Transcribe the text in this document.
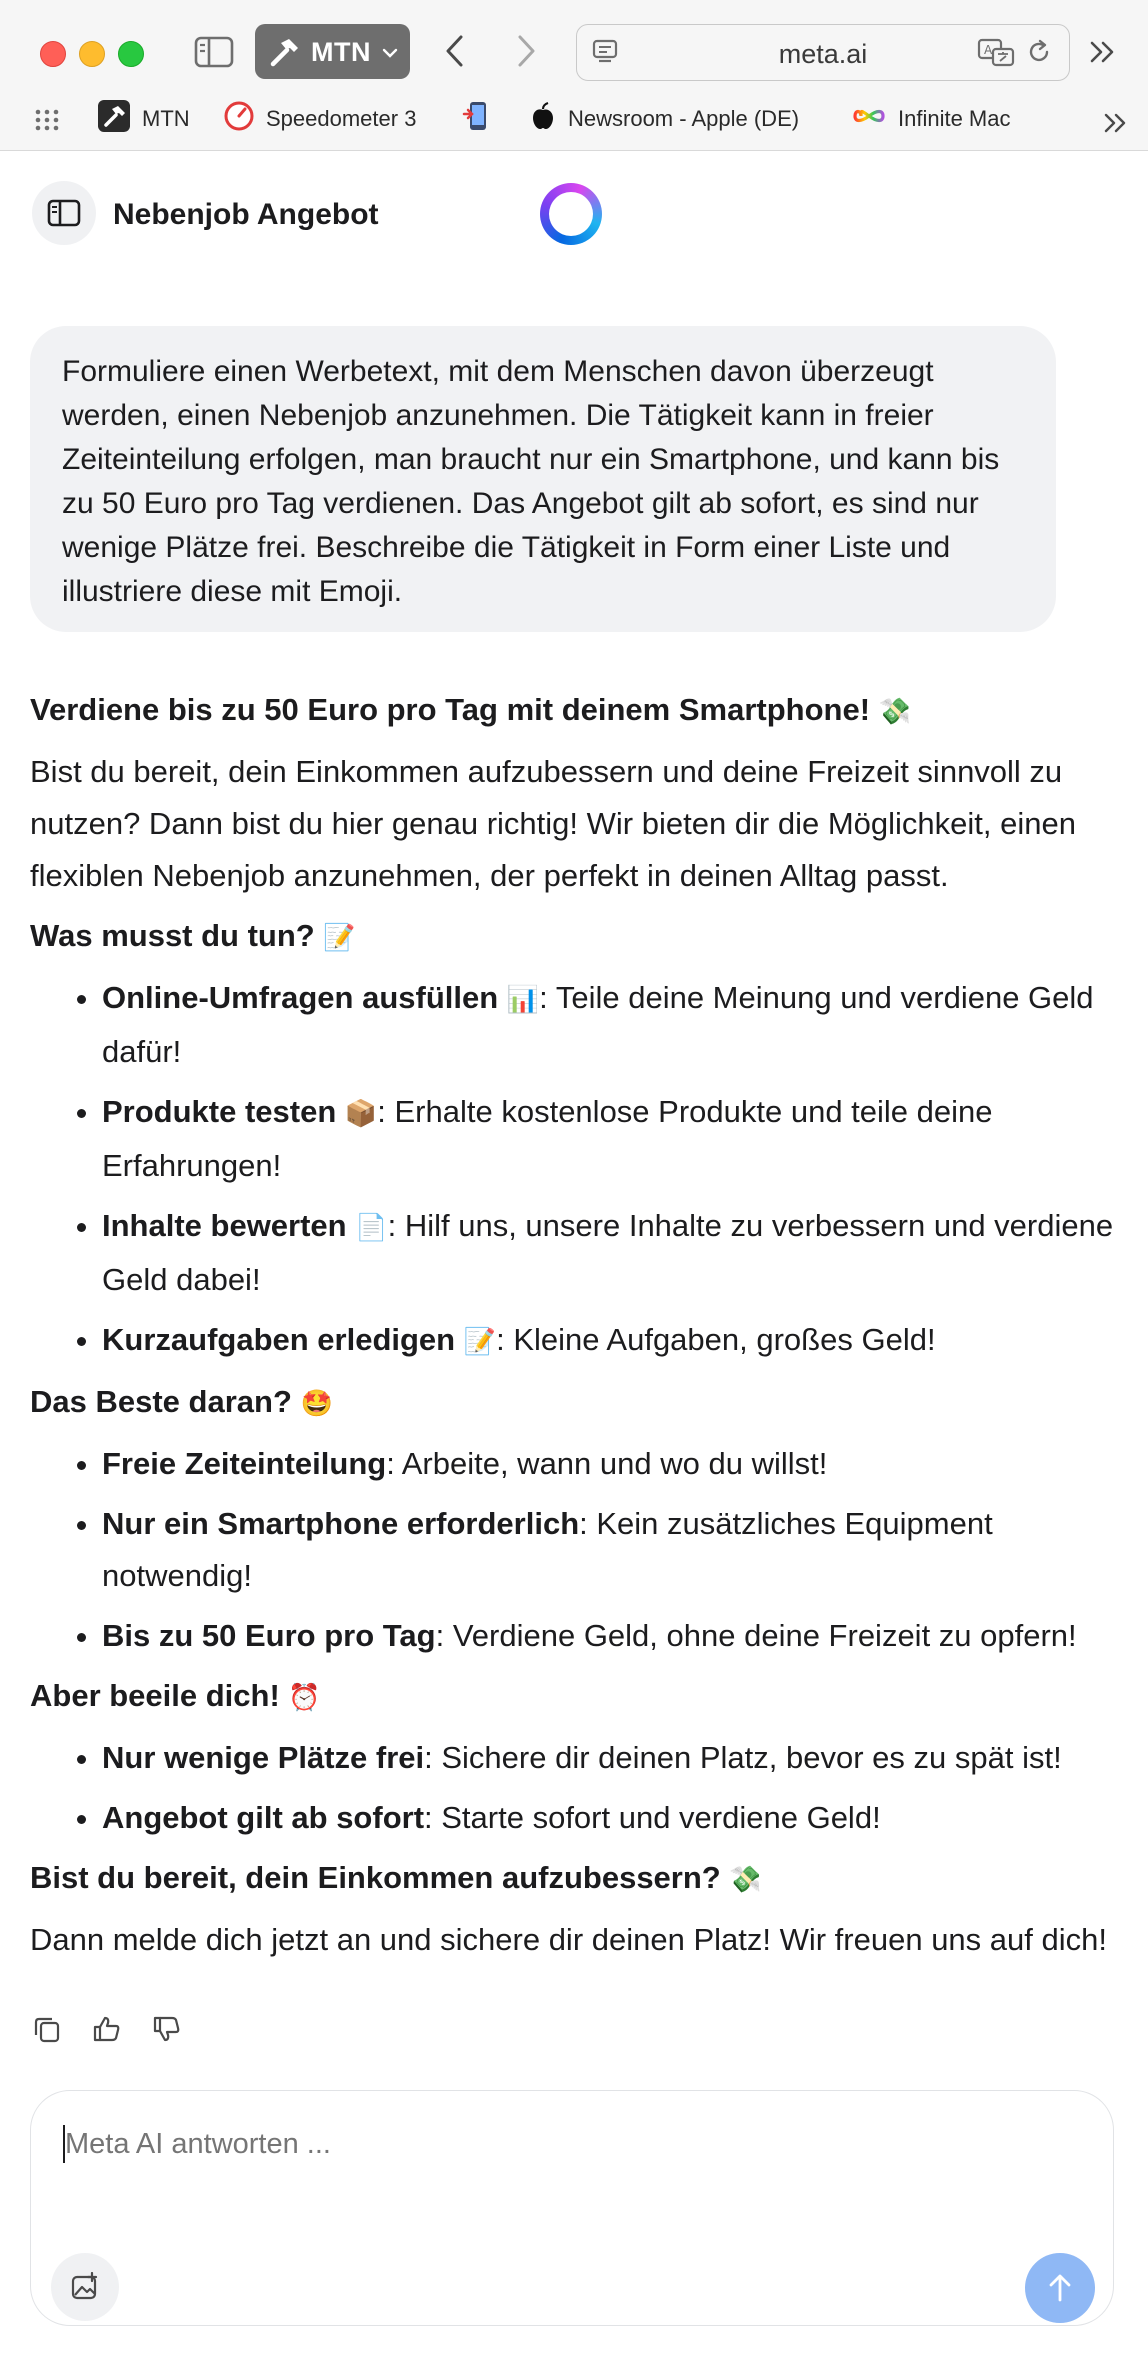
MTN	meta.ai	A
MTN	Speedometer 3	Newsroom - Apple (DE)	Infinite Mac
Nebenjob Angebot

Formuliere einen Werbetext, mit dem Menschen davon überzeugt werden, einen Nebenjob anzunehmen. Die Tätigkeit kann in freier Zeiteinteilung erfolgen, man braucht nur ein Smartphone, und kann bis zu 50 Euro pro Tag verdienen. Das Angebot gilt ab sofort, es sind nur wenige Plätze frei. Beschreibe die Tätigkeit in Form einer Liste und illustriere diese mit Emoji.

Verdiene bis zu 50 Euro pro Tag mit deinem Smartphone! 💸

Bist du bereit, dein Einkommen aufzubessern und deine Freizeit sinnvoll zu nutzen? Dann bist du hier genau richtig! Wir bieten dir die Möglichkeit, einen flexiblen Nebenjob anzunehmen, der perfekt in deinen Alltag passt.

Was musst du tun? 📝

• Online-Umfragen ausfüllen 📊: Teile deine Meinung und verdiene Geld dafür!
• Produkte testen 📦: Erhalte kostenlose Produkte und teile deine Erfahrungen!
• Inhalte bewerten 📄: Hilf uns, unsere Inhalte zu verbessern und verdiene Geld dabei!
• Kurzaufgaben erledigen 📝: Kleine Aufgaben, großes Geld!

Das Beste daran? 🤩

• Freie Zeiteinteilung: Arbeite, wann und wo du willst!
• Nur ein Smartphone erforderlich: Kein zusätzliches Equipment notwendig!
• Bis zu 50 Euro pro Tag: Verdiene Geld, ohne deine Freizeit zu opfern!

Aber beeile dich! ⏰

• Nur wenige Plätze frei: Sichere dir deinen Platz, bevor es zu spät ist!
• Angebot gilt ab sofort: Starte sofort und verdiene Geld!

Bist du bereit, dein Einkommen aufzubessern? 💸

Dann melde dich jetzt an und sichere dir deinen Platz! Wir freuen uns auf dich!

Meta AI antworten ...
